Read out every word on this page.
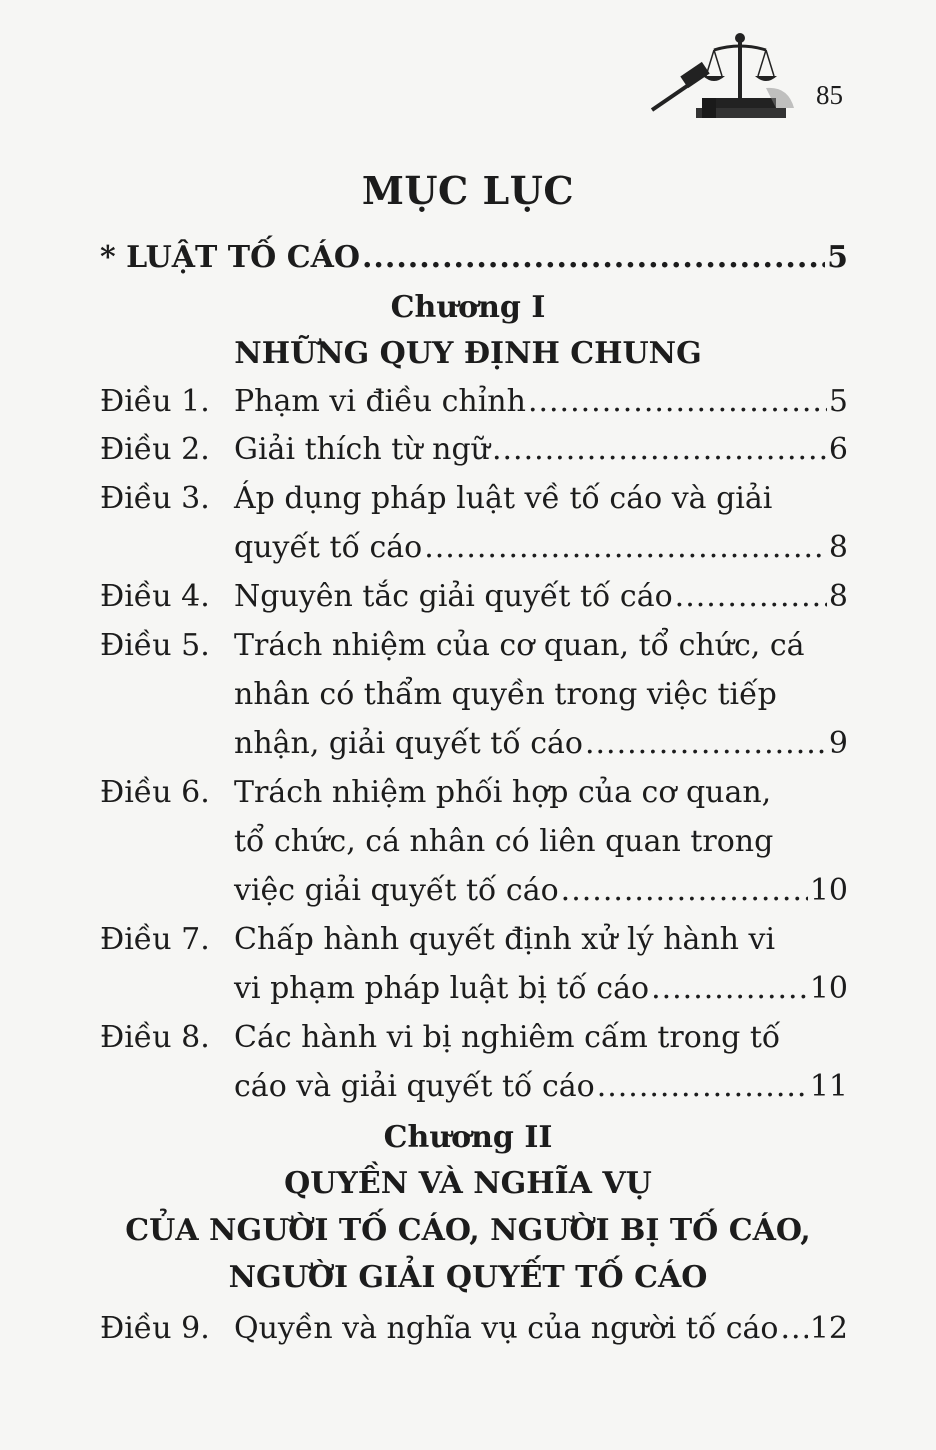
85
MỤC LỤC
* LUẬT TỐ CÁO .....	5
Chương I
NHỮNG QUY ĐỊNH CHUNG
Điều 1. Phạm vi điều chỉnh .....	5
Điều 2. Giải thích từ ngữ .....	6
Điều 3. Áp dụng pháp luật về tố cáo và giải
quyết tố cáo .....	8
Điều 4. Nguyên tắc giải quyết tố cáo .....	8
Điều 5. Trách nhiệm của cơ quan, tổ chức, cá
nhân có thẩm quyền trong việc tiếp
nhận, giải quyết tố cáo .....	9
Điều 6. Trách nhiệm phối hợp của cơ quan,
tổ chức, cá nhân có liên quan trong
việc giải quyết tố cáo .....	10
Điều 7. Chấp hành quyết định xử lý hành vi
vi phạm pháp luật bị tố cáo .....	10
Điều 8. Các hành vi bị nghiêm cấm trong tố
cáo và giải quyết tố cáo .....	11
Chương II
QUYỀN VÀ NGHĨA VỤ
CỦA NGƯỜI TỐ CÁO, NGƯỜI BỊ TỐ CÁO,
NGƯỜI GIẢI QUYẾT TỐ CÁO
Điều 9. Quyền và nghĩa vụ của người tố cáo ..... 12
